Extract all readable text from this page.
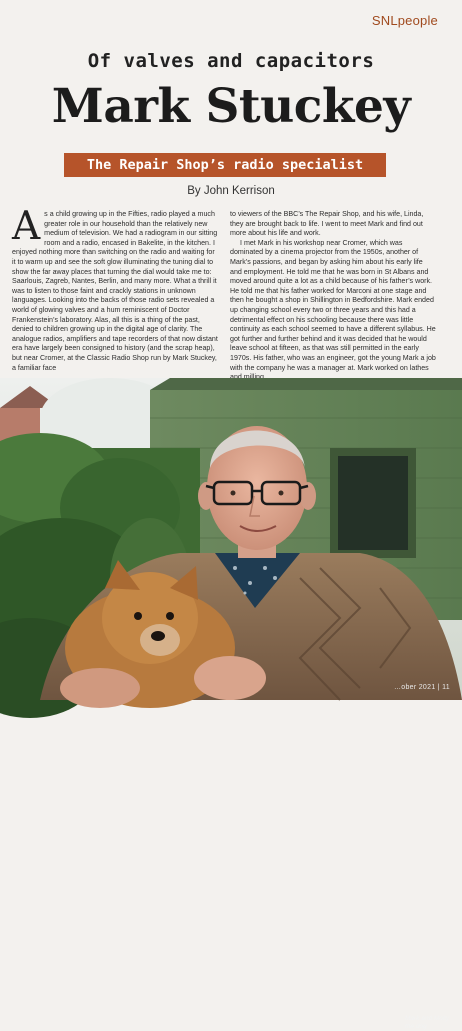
SNLpeople
Of valves and capacitors
Mark Stuckey
The Repair Shop’s radio specialist
By John Kerrison

As a child growing up in the Fifties, radio played a much greater role in our household than the relatively new medium of television. We had a radiogram in our sitting room and a radio, encased in Bakelite, in the kitchen. I enjoyed nothing more than switching on the radio and waiting for it to warm up and see the soft glow illuminating the tuning dial to show the far away places that turning the dial would take me to: Saarlouis, Zagreb, Nantes, Berlin, and many more. What a thrill it was to listen to those faint and crackly stations in unknown languages. Looking into the backs of those radio sets revealed a world of glowing valves and a hum reminiscent of Doctor Frankenstein’s laboratory. Alas, all this is a thing of the past, denied to children growing up in the digital age of clarity. The analogue radios, amplifiers and tape recorders of that now distant era have largely been consigned to history (and the scrap heap), but near Cromer, at the Classic Radio Shop run by Mark Stuckey, a familiar face

to viewers of the BBC’s The Repair Shop, and his wife, Linda, they are brought back to life. I went to meet Mark and find out more about his life and work.

I met Mark in his workshop near Cromer, which was dominated by a cinema projector from the 1950s, another of Mark’s passions, and began by asking him about his early life and employment. He told me that he was born in St Albans and moved around quite a lot as a child because of his father’s work. He told me that his father worked for Marconi at one stage and then he bought a shop in Shillington in Bedfordshire. Mark ended up changing school every two or three years and this had a detrimental effect on his schooling because there was little continuity as each school seemed to have a different syllabus. He got further and further behind and it was decided that he would leave school at fifteen, as that was still permitted in the early 1970s. His father, who was an engineer, got the young Mark a job with the company he was a manager at. Mark worked on lathes

Mark and Molly the dog
…ober 2021 | 11
